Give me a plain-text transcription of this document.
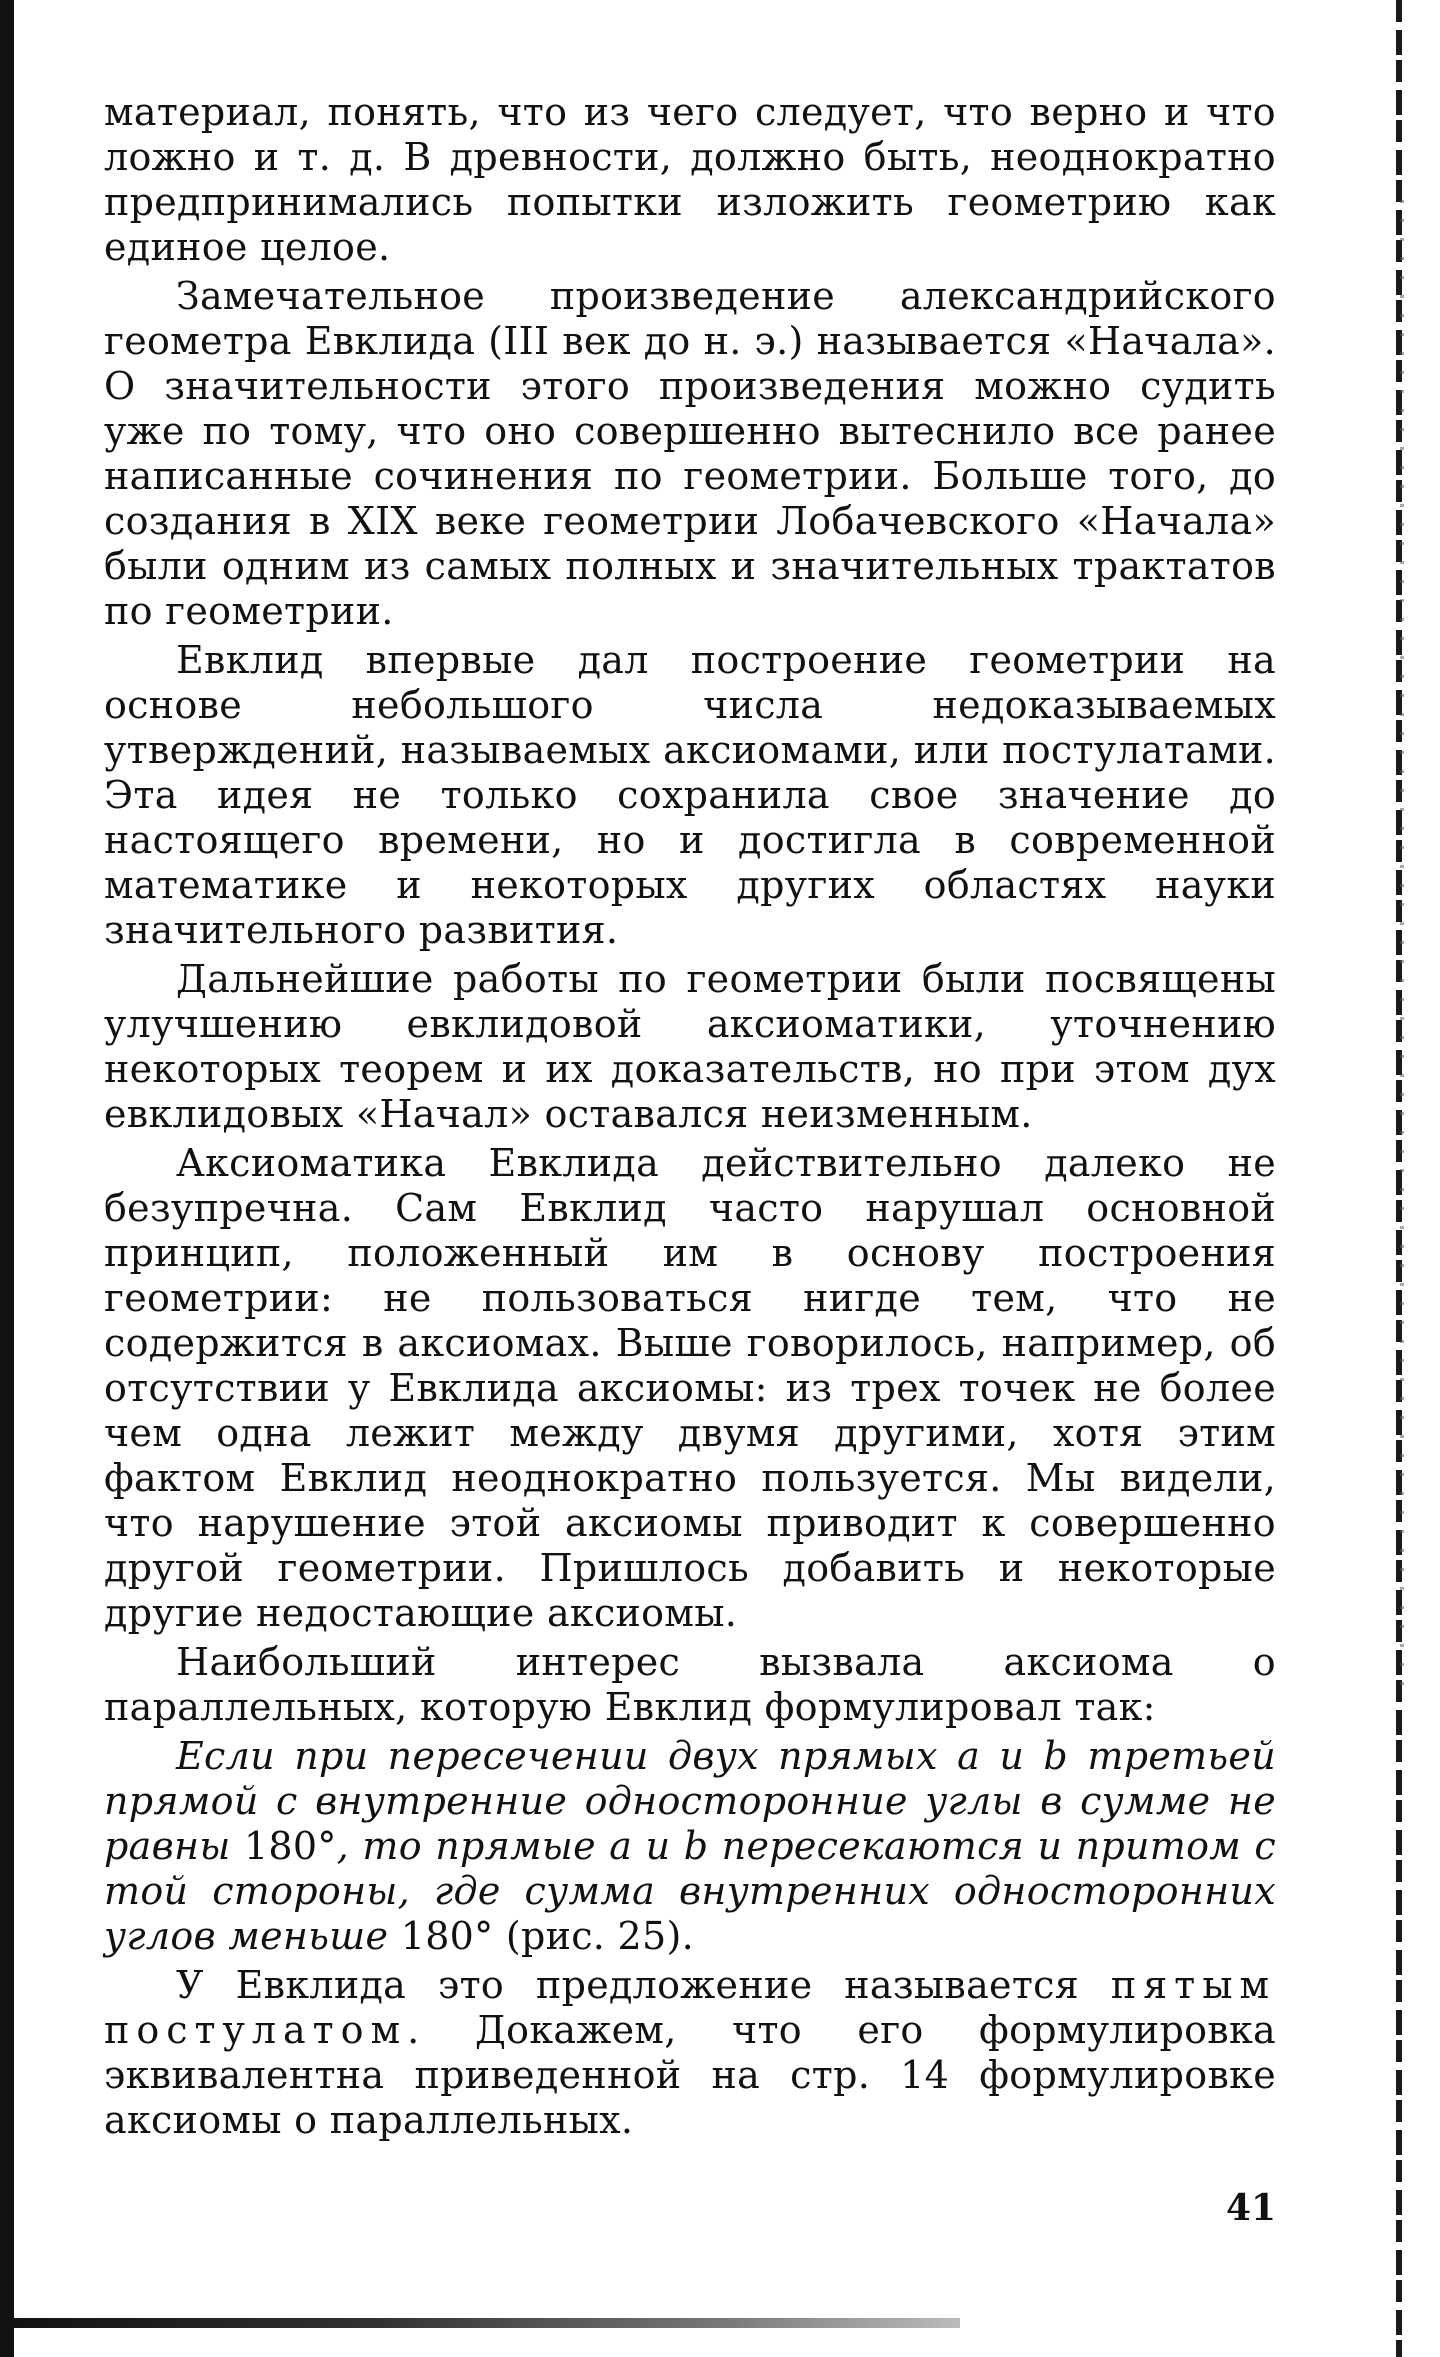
материал, понять, что из чего следует, что верно и что ложно и т. д. В древности, должно быть, неоднократно предпринимались попытки изложить геометрию как единое целое.

Замечательное произведение александрийского геометра Евклида (III век до н. э.) называется «Начала». О значительности этого произведения можно судить уже по тому, что оно совершенно вытеснило все ранее написанные сочинения по геометрии. Больше того, до создания в XIX веке геометрии Лобачевского «Начала» были одним из самых полных и значительных трактатов по геометрии.

Евклид впервые дал построение геометрии на основе небольшого числа недоказываемых утверждений, называемых аксиомами, или постулатами. Эта идея не только сохранила свое значение до настоящего времени, но и достигла в современной математике и некоторых других областях науки значительного развития.

Дальнейшие работы по геометрии были посвящены улучшению евклидовой аксиоматики, уточнению некоторых теорем и их доказательств, но при этом дух евклидовых «Начал» оставался неизменным.

Аксиоматика Евклида действительно далеко не безупречна. Сам Евклид часто нарушал основной принцип, положенный им в основу построения геометрии: не пользоваться нигде тем, что не содержится в аксиомах. Выше говорилось, например, об отсутствии у Евклида аксиомы: из трех точек не более чем одна лежит между двумя другими, хотя этим фактом Евклид неоднократно пользуется. Мы видели, что нарушение этой аксиомы приводит к совершенно другой геометрии. Пришлось добавить и некоторые другие недостающие аксиомы.

Наибольший интерес вызвала аксиома о параллельных, которую Евклид формулировал так:

Если при пересечении двух прямых a и b третьей прямой с внутренние односторонние углы в сумме не равны 180°, то прямые a и b пересекаются и притом с той стороны, где сумма внутренних односторонних углов меньше 180° (рис. 25).

У Евклида это предложение называется пятым постулатом. Докажем, что его формулировка эквивалентна приведенной на стр. 14 формулировке аксиомы о параллельных.

41
